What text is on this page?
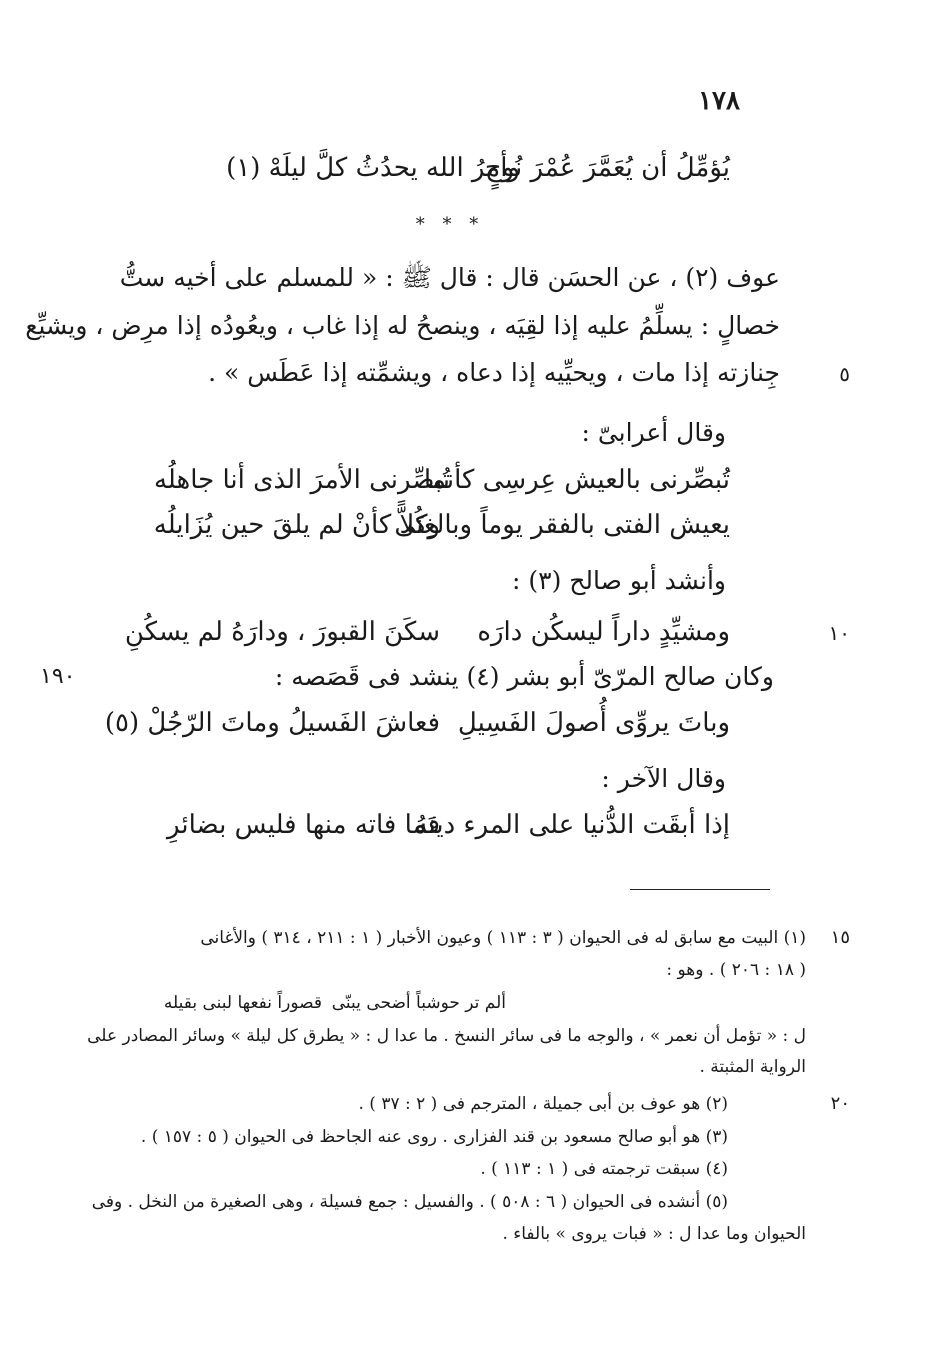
١٧٨
يُؤمِّلُ أن يُعَمَّرَ عُمْرَ نُوحٍ
وأمرُ الله يحدُثُ كلَّ ليلَهْ (١)
* * *
عوف (٢) ، عن الحسَن قال : قال ﷺ : « للمسلم على أخيه ستُّ
خصالٍ : يسلِّمُ عليه إذا لقِيَه ، وينصحُ له إذا غاب ، ويعُودُه إذا مرِض ، ويشيِّع
جِنازته إذا مات ، ويحيِّيه إذا دعاه ، ويشمِّته إذا عَطَس » .	٥
وقال أعرابىّ :
تُبصِّرنى بالعيش عِرسِى كأنما
تُبصِّرنى الأمرَ الذى أنا جاهلُه
يعيش الفتى بالفقر يوماً وبالغِنَى
وكُلاًّ كأنْ لم يلقَ حين يُزَايلُه
وأنشد أبو صالح (٣) :
ومشيِّدٍ داراً ليسكُن دارَه
سكَنَ القبورَ ، ودارَهُ لم يسكُنِ	١٠
وكان صالح المرّىّ أبو بشر (٤) ينشد فى قَصَصه :
١٩٠
وباتَ يروِّى أُصولَ الفَسِيلِ
فعاشَ الفَسيلُ وماتَ الرّجُلْ (٥)
وقال الآخر :
إذا أبقَت الدُّنيا على المرء دينَهُ
فما فاته منها فليس بضائرِ
١٥
(١) البيت مع سابق له فى الحيوان ( ٣ : ١١٣ ) وعيون الأخبار ( ١ : ٢١١ ، ٣١٤ ) والأغانى
( ١٨ : ٢٠٦ ) . وهو :
ألم تر حوشباً أضحى يبنّى
قصوراً نفعها لبنى بقيله
ل : « تؤمل أن نعمر » ، والوجه ما فى سائر النسخ . ما عدا ل : « يطرق كل ليلة » وسائر المصادر على
الرواية المثبتة .
٢٠
(٢) هو عوف بن أبى جميلة ، المترجم فى ( ٢ : ٣٧ ) .
(٣) هو أبو صالح مسعود بن قند الفزارى . روى عنه الجاحظ فى الحيوان ( ٥ : ١٥٧ ) .
(٤) سبقت ترجمته فى ( ١ : ١١٣ ) .
(٥) أنشده فى الحيوان ( ٦ : ٥٠٨ ) . والفسيل : جمع فسيلة ، وهى الصغيرة من النخل . وفى
الحيوان وما عدا ل : « فبات يروى » بالفاء .
